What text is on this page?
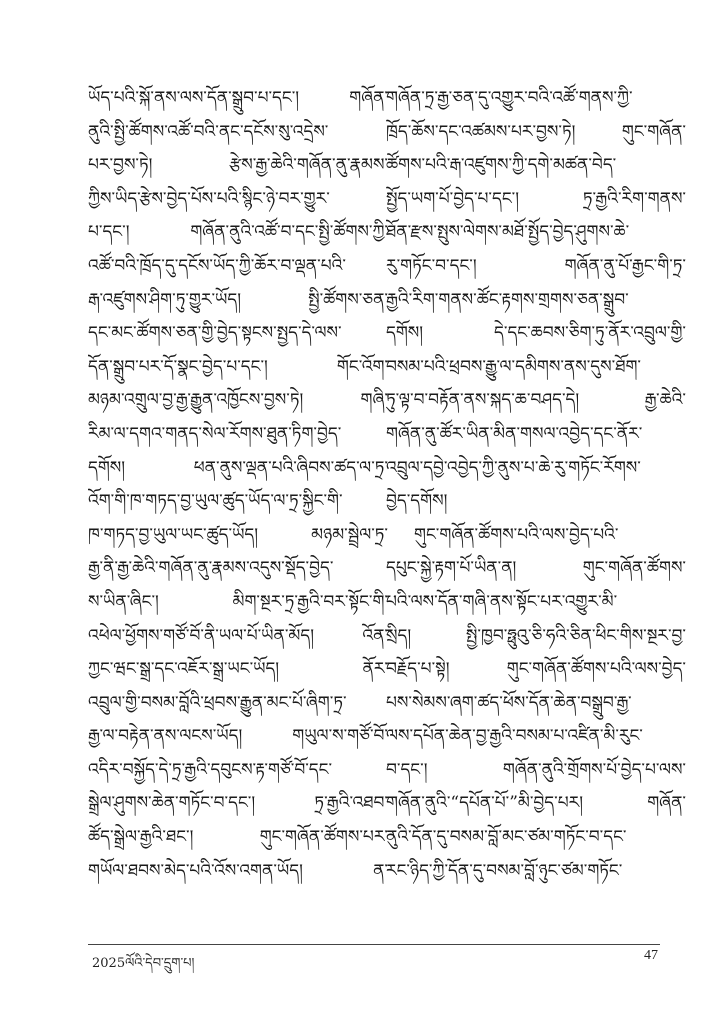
ཡོད་པའི་སྐོ་ནས་ལས་དོན་སྒྲུབ་པ་དང་། གཞོན་
ནུའི་སྤྱི་ཚོགས་འཚོ་བའི་ནང་དངོས་སུ་འདྲེས་
པར་བྱས་ཏེ། རྩེས་རྒྱ་ཆེའི་གཞོན་ནུ་རྣམས་
ཀྱིས་ཡིད་རྩེས་བྱེད་པོས་པའི་སྙིང་ཉེ་བར་གྱུར་
པ་དང་། གཞོན་ནུའི་འཚོ་བ་དང་སྤྱི་ཚོགས་ཀྱི་
འཚོ་བའི་ཁྲོད་དུ་དངོས་ཡོད་ཀྱི་ཆོར་བ་ལྡན་པའི་
རྒ་འཛུགས་ཤིག་ཏུ་གྱུར་ཡོད། སྤྱི་ཚོགས་ཅན་
དང་མང་ཚོགས་ཅན་གྱི་བྱེད་སྟངས་སྤྱད་དེ་ལས་
དོན་སྒྲུབ་པར་དོ་སྣང་བྱེད་པ་དང་། གོང་འོག་
མཉམ་འགྲུལ་བྱ་རྒྱ་རྒྱུན་འཁྱོངས་བྱས་ཏེ། གཞི་
རིམ་ལ་དགའ་གནད་སེལ་རོགས་ཐུན་ཏིག་བྱེད་
དགོས། ཕན་ནུས་ལྡན་པའི་ཞིབས་ཚད་ལ་ཏྲ་
འོག་གི་ཁ་གཏད་བྱ་ཡུལ་ཚུད་ཡོད་ལ་ཏྲ་སྐྱིང་གི་
ཁ་གཏད་བྱ་ཡུལ་ཡང་ཚུད་ཡོད། མཉམ་སྦྲེལ་ཏྲ་
རྒྱ་ནི་རྒྱ་ཆེའི་གཞོན་ནུ་རྣམས་འདུས་སྡོད་བྱེད་
ས་ཡིན་ཞིང་། མིག་སྔར་ཏྲ་རྒྱའི་བར་སྟོང་གི་
འཕེལ་ཕྱོགས་གཙོ་བོ་ནི་ཡལ་པོ་ཡིན་མོད། འོན་
ཀྱང་ཝང་སྒྲ་དང་འཇོར་སྒྲ་ཡང་ཡོད། ནོར་
འབྲུལ་གྱི་བསམ་བློའི་ཕྲབས་རྒྱུན་མང་པོ་ཞིག་ཏྲ་
རྒྱ་ལ་བརྟེན་ནས་ལངས་ཡོད། གཡུལ་ས་གཙོ་བོ་
འདིར་བསྐྱོད་དེ་ཏྲ་རྒྱའི་དབུངས་རྟ་གཙོ་བོ་དང་
སྒྲེལ་ཤུགས་ཆེན་གཏོང་བ་དང་། ཏྲ་རྒྱའི་འཐབ་
ཚོད་སྒྲེལ་རྒྱའི་ཐང་། གུང་གཞོན་ཚོགས་པར་
གཡོལ་ཐབས་མེད་པའི་འོས་འགན་ཡོད། ན་
གཞོན་ཏྲ་རྒྱ་ཅན་དུ་འགྱུར་བའི་འཚོ་གནས་ཀྱི་
ཁྲོད་ཆོས་དང་འཚམས་པར་བྱས་ཏེ། གུང་གཞོན་
ཚོགས་པའི་རྒ་འཛུགས་ཀྱི་དགེ་མཚན་བེད་
སྤྱོད་ཡག་པོ་བྱེད་པ་དང་། ཏྲ་རྒྱའི་རིག་གནས་
ཐོན་རྫས་སྤུས་ལེགས་མཐོ་སྤྱོད་བྱེད་ཤུགས་ཆེ་
རུ་གཏོང་བ་དང་། གཞོན་ནུ་པོ་རྒྱང་གི་ཏྲ་
རྒྱའི་རིག་གནས་ཚོང་རྟགས་གྲགས་ཅན་སྒྲུབ་
དགོས། དེ་དང་ཆབས་ཅིག་ཏུ་ནོར་འབྲུལ་གྱི་
བསམ་པའི་ཕྲབས་རྒྱུ་ལ་དམིགས་ནས་དུས་ཐོག་
ཏུ་ལྟ་བ་བརྟོན་ནས་སྐད་ཆ་བཤད་དེ། རྒྱ་ཆེའི་
གཞོན་ནུ་ཚོར་ཡིན་མིན་གསལ་འབྱེད་དང་ནོར་
འབྲུལ་དབྱེ་འབྱེད་ཀྱི་ནུས་པ་ཆེ་རུ་གཏོང་རོགས་
བྱེད་དགོས།
གུང་གཞོན་ཚོགས་པའི་ལས་བྱེད་པའི་
དཔུང་སྐྱེ་རྟག་པོ་ཡིན་ན། གུང་གཞོན་ཚོགས་
པའི་ལས་དོན་གཞི་ནས་སྟོང་པར་འགྱུར་མི་
སྲིད། སྤྱི་ཁྱབ་ཧྥུའུ་ཅི་ཧའི་ཅིན་ཕིང་གིས་སྔར་བྱ་
བརྗོད་པ་སྟེ། གུང་གཞོན་ཚོགས་པའི་ལས་བྱེད་
པས་སེམས་ཞག་ཚད་ཕོས་དོན་ཆེན་བསྒྲུབ་རྒྱ་
ལས་དཔོན་ཆེན་བྱ་རྒྱའི་བསམ་པ་འཛིན་མི་རུང་
བ་དང་། གཞོན་ནུའི་གྲོགས་པོ་བྱེད་པ་ལས་
གཞོན་ནུའི་“དཔོན་པོ་”མི་བྱེད་པར། གཞོན་
ནུའི་དོན་དུ་བསམ་བློ་མང་ཙམ་གཏོང་བ་དང་
རང་ཉིད་ཀྱི་དོན་དུ་བསམ་བློ་ཉུང་ཙམ་གཏོང་
2025ལོའི་དེབ་དྲུག་པ།
47
